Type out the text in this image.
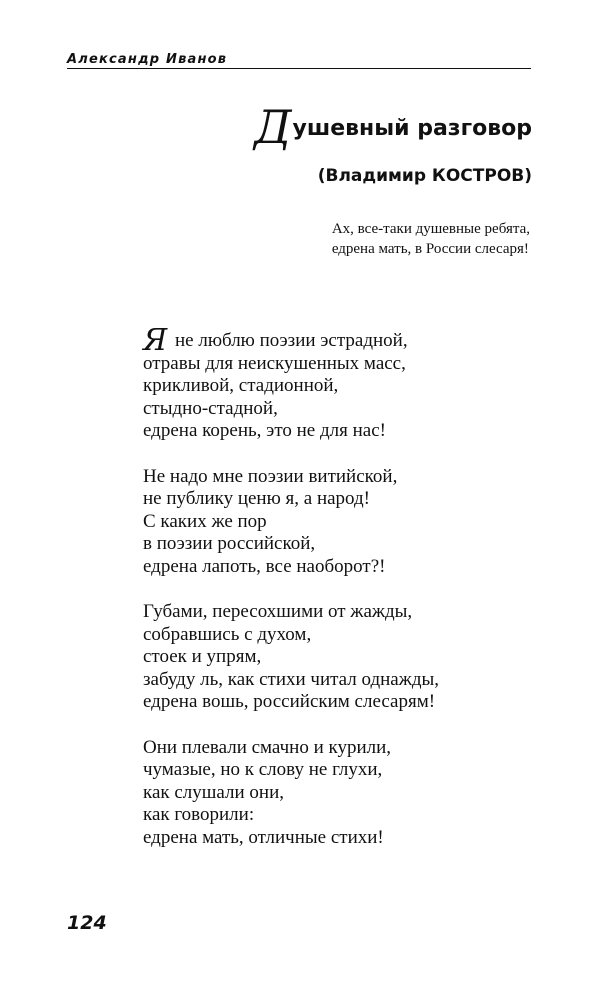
Александр Иванов
Д ушевный разговор
(Владимир КОСТРОВ)
Ах, все-таки душевные ребята,
едрена мать, в России слесаря!
Я не люблю поэзии эстрадной,
отравы для неискушенных масс,
крикливой, стадионной,
стыдно-стадной,
едрена корень, это не для нас!
Не надо мне поэзии витийской,
не публику ценю я, а народ!
С каких же пор
в поэзии российской,
едрена лапоть, все наоборот?!
Губами, пересохшими от жажды,
собравшись с духом,
стоек и упрям,
забуду ль, как стихи читал однажды,
едрена вошь, российским слесарям!
Они плевали смачно и курили,
чумазые, но к слову не глухи,
как слушали они,
как говорили:
едрена мать, отличные стихи!
124
